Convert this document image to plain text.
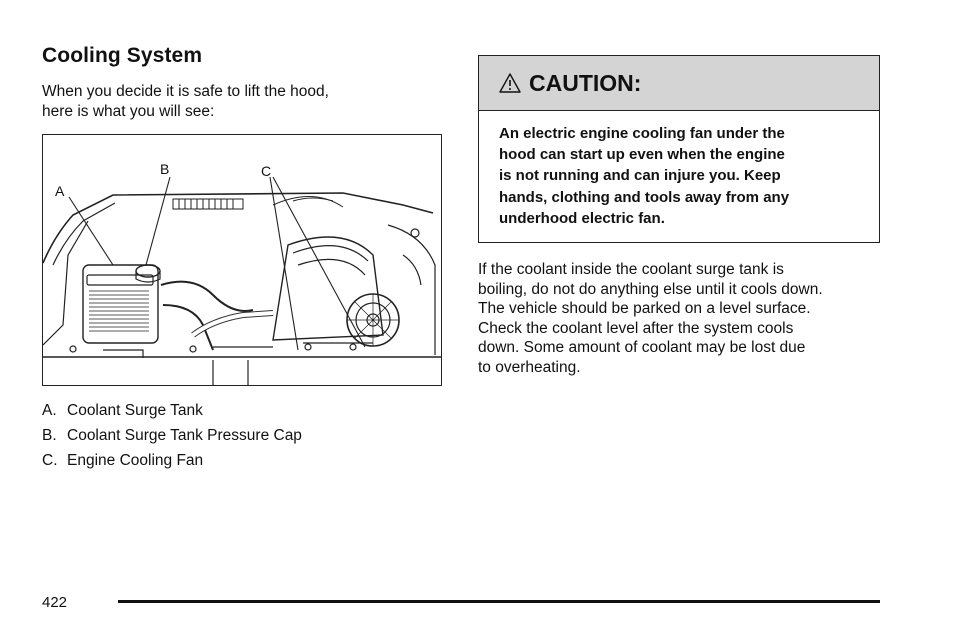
Cooling System

When you decide it is safe to lift the hood,
here is what you will see:

A
B	C
A. Coolant Surge Tank
B. Coolant Surge Tank Pressure Cap
C. Engine Cooling Fan
CAUTION:
An electric engine cooling fan under the
hood can start up even when the engine
is not running and can injure you. Keep
hands, clothing and tools away from any
underhood electric fan.
If the coolant inside the coolant surge tank is
boiling, do not do anything else until it cools down.
The vehicle should be parked on a level surface.
Check the coolant level after the system cools
down. Some amount of coolant may be lost due
to overheating.
422
